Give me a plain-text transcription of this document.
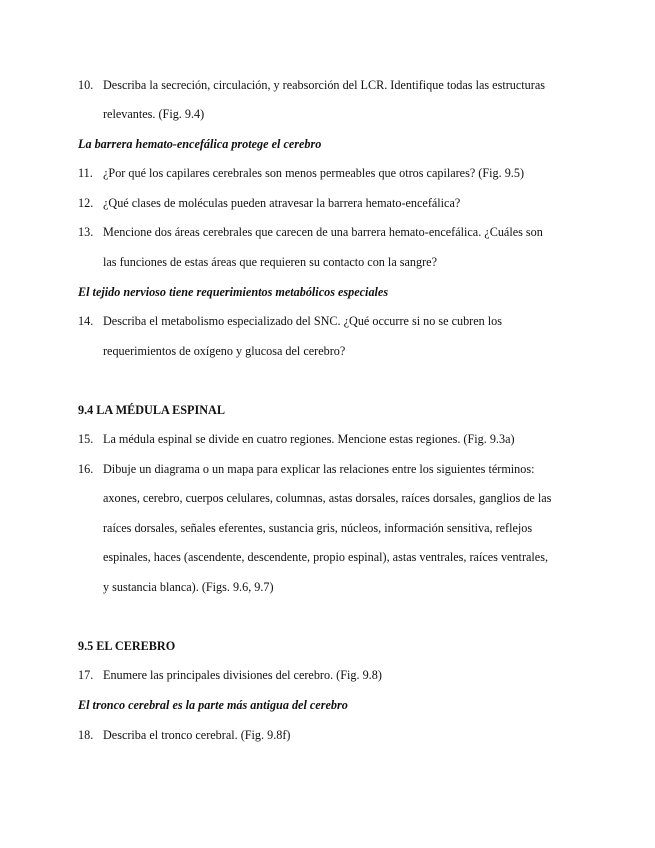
10. Describa la secreción, circulación, y reabsorción del LCR. Identifique todas las estructuras
relevantes. (Fig. 9.4)
La barrera hemato-encefálica protege el cerebro
11. ¿Por qué los capilares cerebrales son menos permeables que otros capilares? (Fig. 9.5)
12. ¿Qué clases de moléculas pueden atravesar la barrera hemato-encefálica?
13. Mencione dos áreas cerebrales que carecen de una barrera hemato-encefálica. ¿Cuáles son
las funciones de estas áreas que requieren su contacto con la sangre?
El tejido nervioso tiene requerimientos metabólicos especiales
14. Describa el metabolismo especializado del SNC. ¿Qué occurre si no se cubren los
requerimientos de oxígeno y glucosa del cerebro?
9.4 LA MÉDULA ESPINAL
15. La médula espinal se divide en cuatro regiones. Mencione estas regiones. (Fig. 9.3a)
16. Dibuje un diagrama o un mapa para explicar las relaciones entre los siguientes términos:
axones, cerebro, cuerpos celulares, columnas, astas dorsales, raíces dorsales, ganglios de las
raíces dorsales, señales eferentes, sustancia gris, núcleos, información sensitiva, reflejos
espinales, haces (ascendente, descendente, propio espinal), astas ventrales, raíces ventrales,
y sustancia blanca). (Figs. 9.6, 9.7)
9.5 EL CEREBRO
17. Enumere las principales divisiones del cerebro. (Fig. 9.8)
El tronco cerebral es la parte más antigua del cerebro
18. Describa el tronco cerebral. (Fig. 9.8f)
